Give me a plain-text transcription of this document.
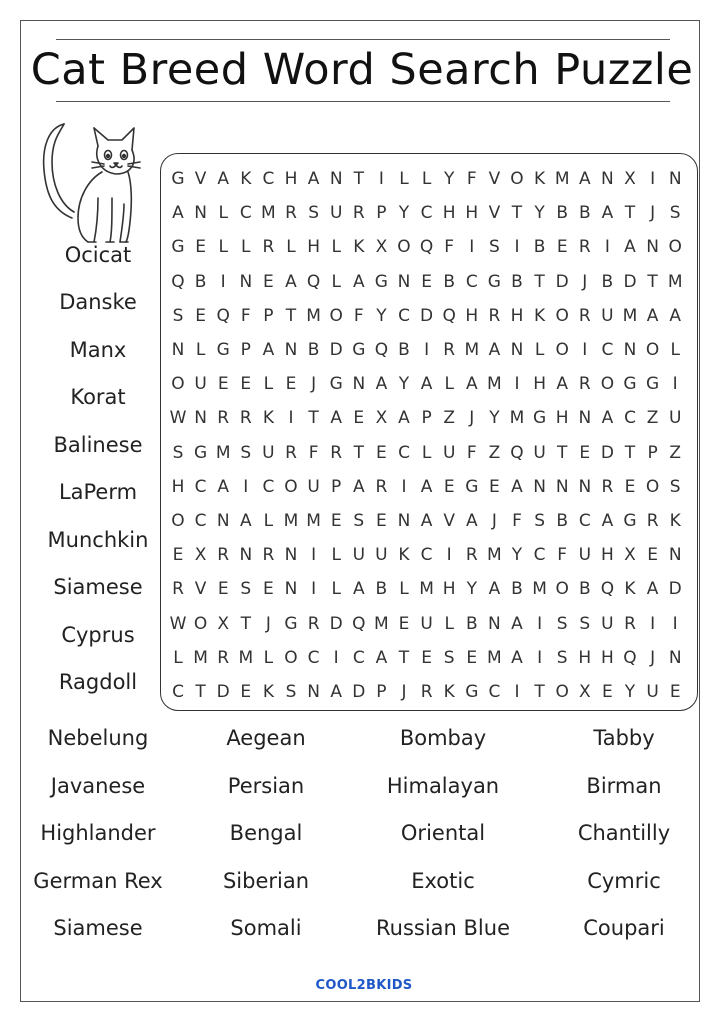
Cat Breed Word Search Puzzle
Ocicat
Danske
Manx
Korat
Balinese
LaPerm
Munchkin
Siamese
Cyprus
Ragdoll
G V A K C H A N T I L L Y F V O K M A N X I N
A N L C M R S U R P Y C H H V T Y B B A T J S
G E L L R L H L K X O Q F I S I B E R I A N O
Q B I N E A Q L A G N E B C G B T D J B D T M
S E Q F P T M O F Y C D Q H R H K O R U M A A
N L G P A N B D G Q B I R M A N L O I C N O L
O U E E L E J G N A Y A L A M I H A R O G G I
W N R R K I T A E X A P Z J Y M G H N A C Z U
S G M S U R F R T E C L U F Z Q U T E D T P Z
H C A I C O U P A R I A E G E A N N N R E O S
O C N A L M M E S E N A V A J F S B C A G R K
E X R N R N I L U U K C I R M Y C F U H X E N
R V E S E N I L A B L M H Y A B M O B Q K A D
W O X T J G R D Q M E U L B N A I S S U R I	I
L M R M L O C I C A T E S E M A I S H H Q J N
C T D E K S N A D P J R K G C I T O X E Y U E
Nebelung
Javanese
Highlander
German Rex
Siamese
Aegean
Persian
Bengal
Siberian
Somali
Bombay
Himalayan
Oriental
Exotic
Russian Blue
Tabby
Birman
Chantilly
Cymric
Coupari
COOL2BKIDS
